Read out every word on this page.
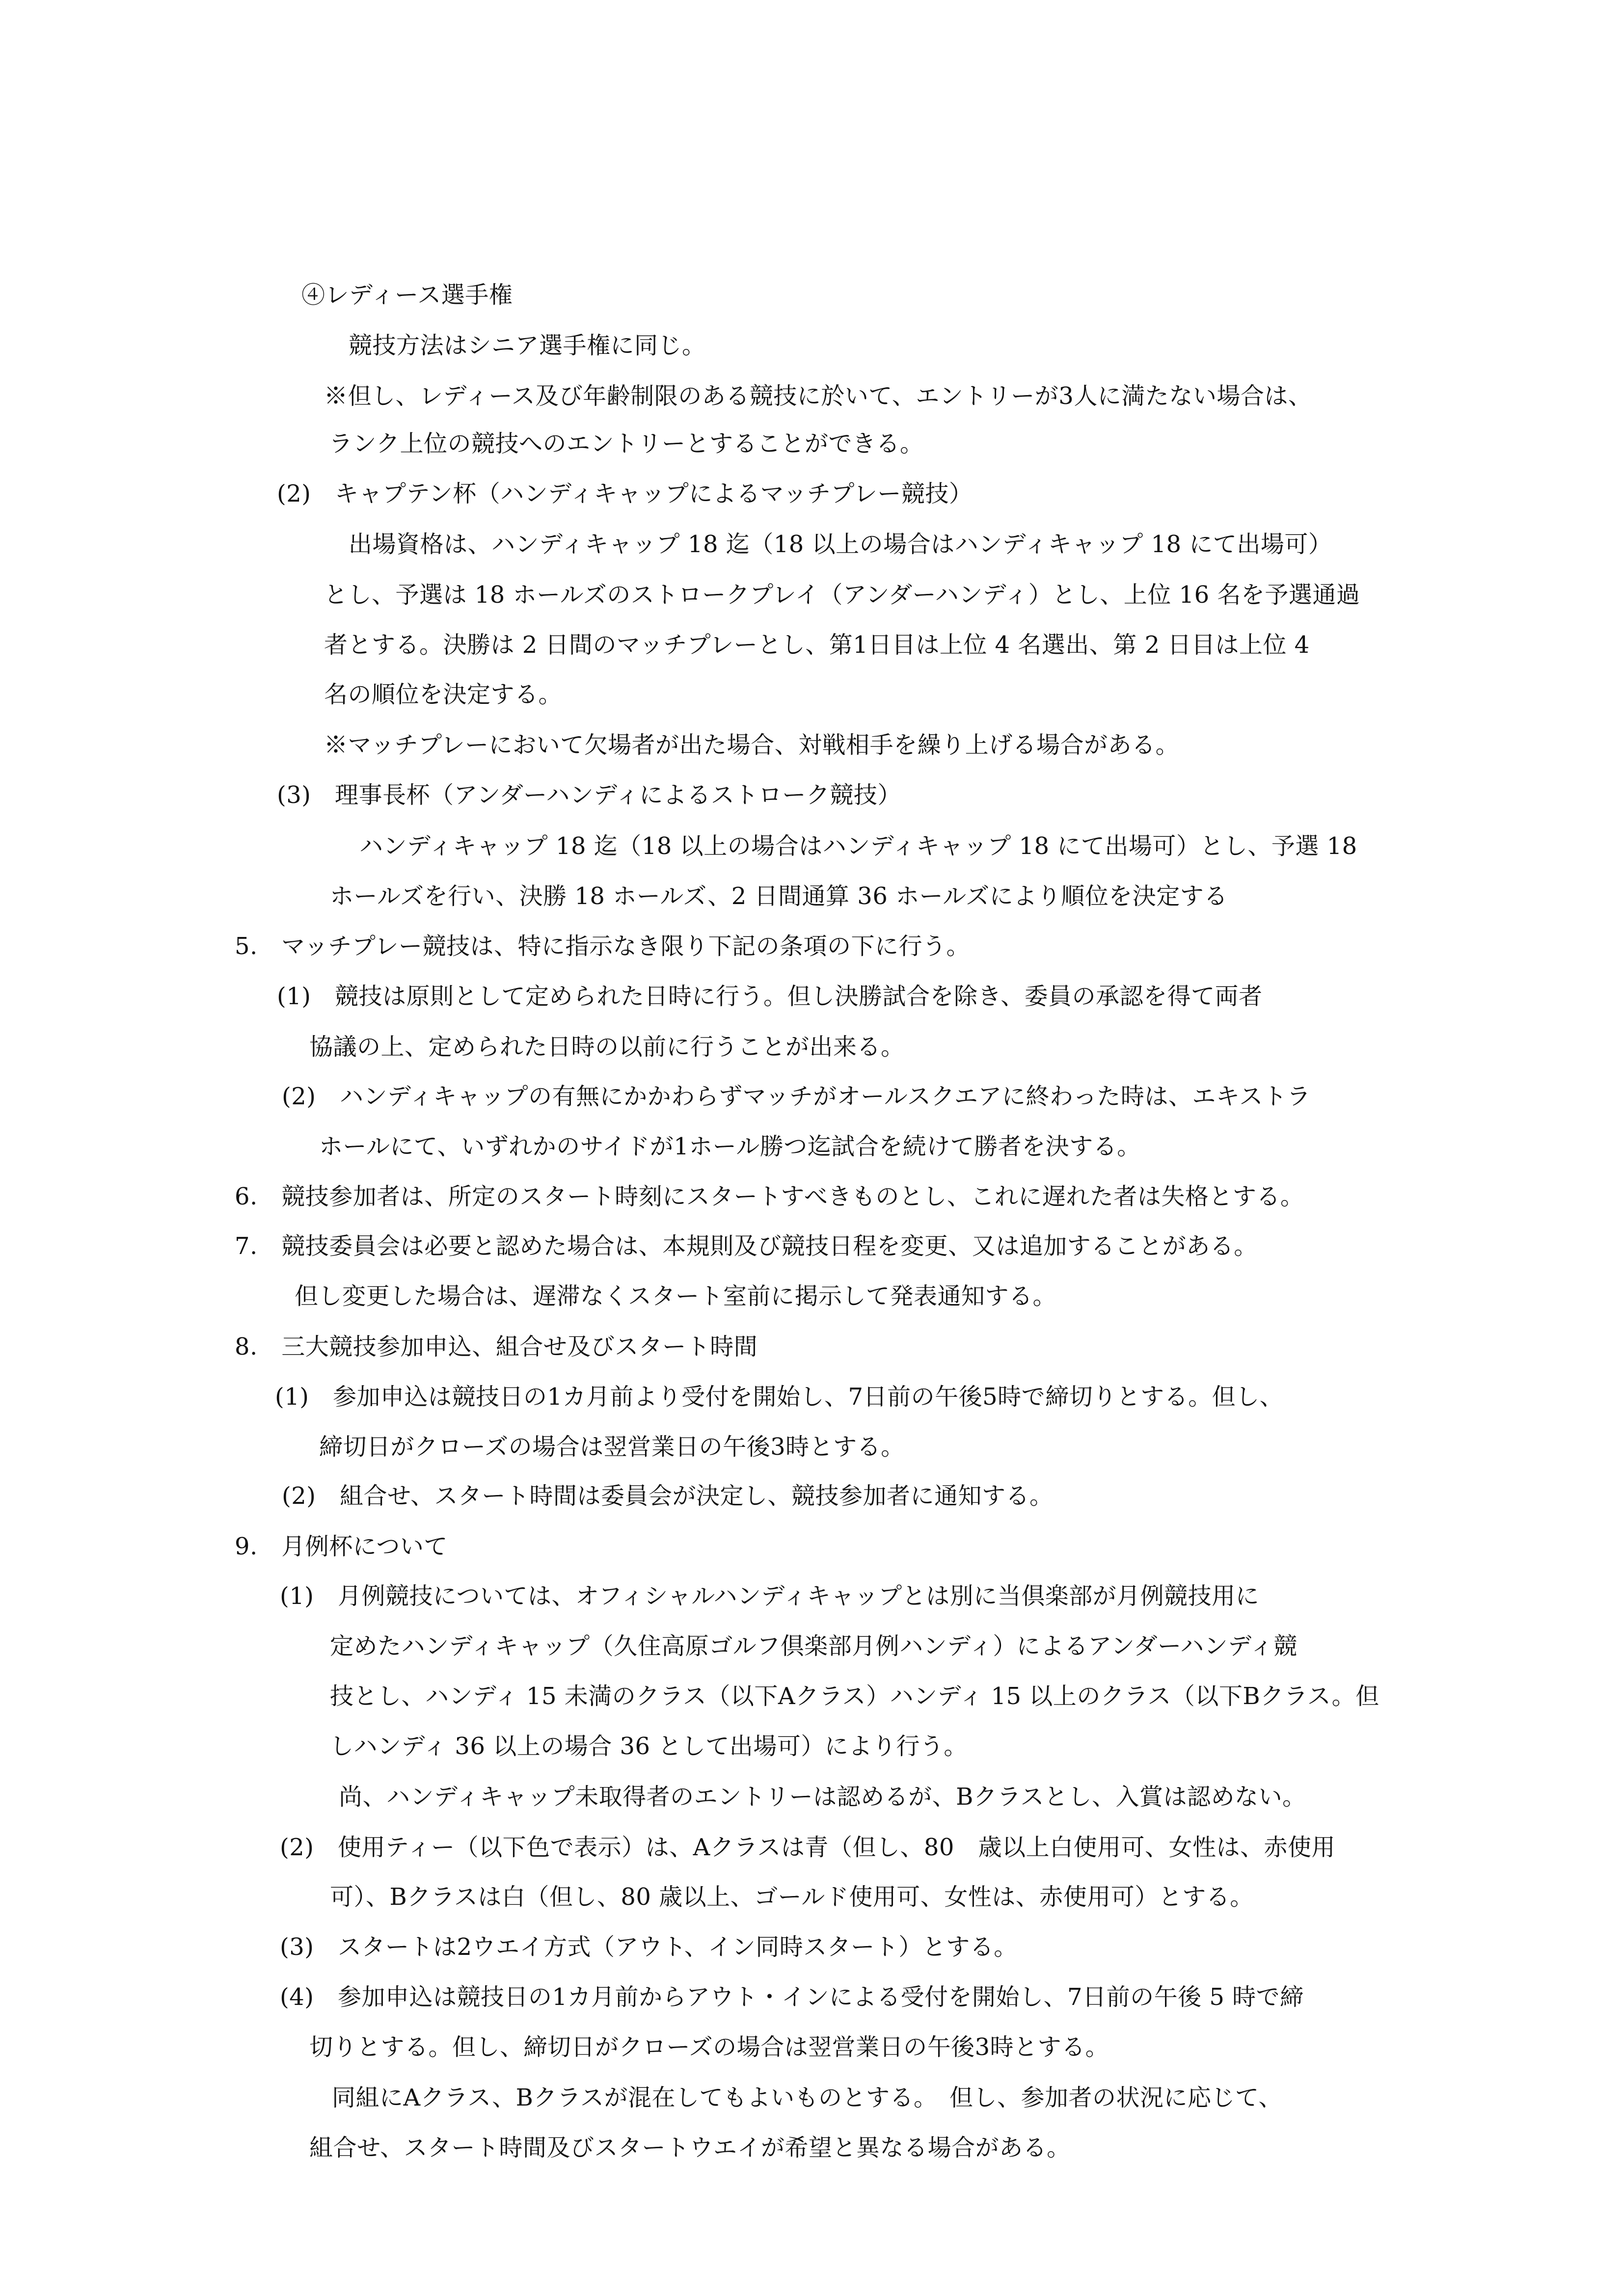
④レディース選手権
競技方法はシニア選手権に同じ。
※但し、レディース及び年齢制限のある競技に於いて、エントリーが3人に満たない場合は、
ランク上位の競技へのエントリーとすることができる。
(2)　キャプテン杯（ハンディキャップによるマッチプレー競技）
出場資格は、ハンディキャップ 18 迄（18 以上の場合はハンディキャップ 18 にて出場可）
とし、予選は 18 ホールズのストロークプレイ（アンダーハンディ）とし、上位 16 名を予選通過
者とする。決勝は 2 日間のマッチプレーとし、第1日目は上位 4 名選出、第 2 日目は上位 4
名の順位を決定する。
※マッチプレーにおいて欠場者が出た場合、対戦相手を繰り上げる場合がある。
(3)　理事長杯（アンダーハンディによるストローク競技）
ハンディキャップ 18 迄（18 以上の場合はハンディキャップ 18 にて出場可）とし、予選 18
ホールズを行い、決勝 18 ホールズ、2 日間通算 36 ホールズにより順位を決定する
5.　マッチプレー競技は、特に指示なき限り下記の条項の下に行う。
(1)　競技は原則として定められた日時に行う。但し決勝試合を除き、委員の承認を得て両者
協議の上、定められた日時の以前に行うことが出来る。
(2)　ハンディキャップの有無にかかわらずマッチがオールスクエアに終わった時は、エキストラ
ホールにて、いずれかのサイドが1ホール勝つ迄試合を続けて勝者を決する。
6.　競技参加者は、所定のスタート時刻にスタートすべきものとし、これに遅れた者は失格とする。
7.　競技委員会は必要と認めた場合は、本規則及び競技日程を変更、又は追加することがある。
但し変更した場合は、遅滞なくスタート室前に掲示して発表通知する。
8.　三大競技参加申込、組合せ及びスタート時間
(1)　参加申込は競技日の1カ月前より受付を開始し、7日前の午後5時で締切りとする。但し、
締切日がクローズの場合は翌営業日の午後3時とする。
(2)　組合せ、スタート時間は委員会が決定し、競技参加者に通知する。
9.　月例杯について
(1)　月例競技については、オフィシャルハンディキャップとは別に当倶楽部が月例競技用に
定めたハンディキャップ（久住高原ゴルフ倶楽部月例ハンディ）によるアンダーハンディ競
技とし、ハンディ 15 未満のクラス（以下Aクラス）ハンディ 15 以上のクラス（以下Bクラス。但
しハンディ 36 以上の場合 36 として出場可）により行う。
尚、ハンディキャップ未取得者のエントリーは認めるが、Bクラスとし、入賞は認めない。
(2)　使用ティー（以下色で表示）は、Aクラスは青（但し、80　歳以上白使用可、女性は、赤使用
可）、Bクラスは白（但し、80 歳以上、ゴールド使用可、女性は、赤使用可）とする。
(3)　スタートは2ウエイ方式（アウト、イン同時スタート）とする。
(4)　参加申込は競技日の1カ月前からアウト・インによる受付を開始し、7日前の午後 5 時で締
切りとする。但し、締切日がクローズの場合は翌営業日の午後3時とする。
同組にAクラス、Bクラスが混在してもよいものとする。　但し、参加者の状況に応じて、
組合せ、スタート時間及びスタートウエイが希望と異なる場合がある。
